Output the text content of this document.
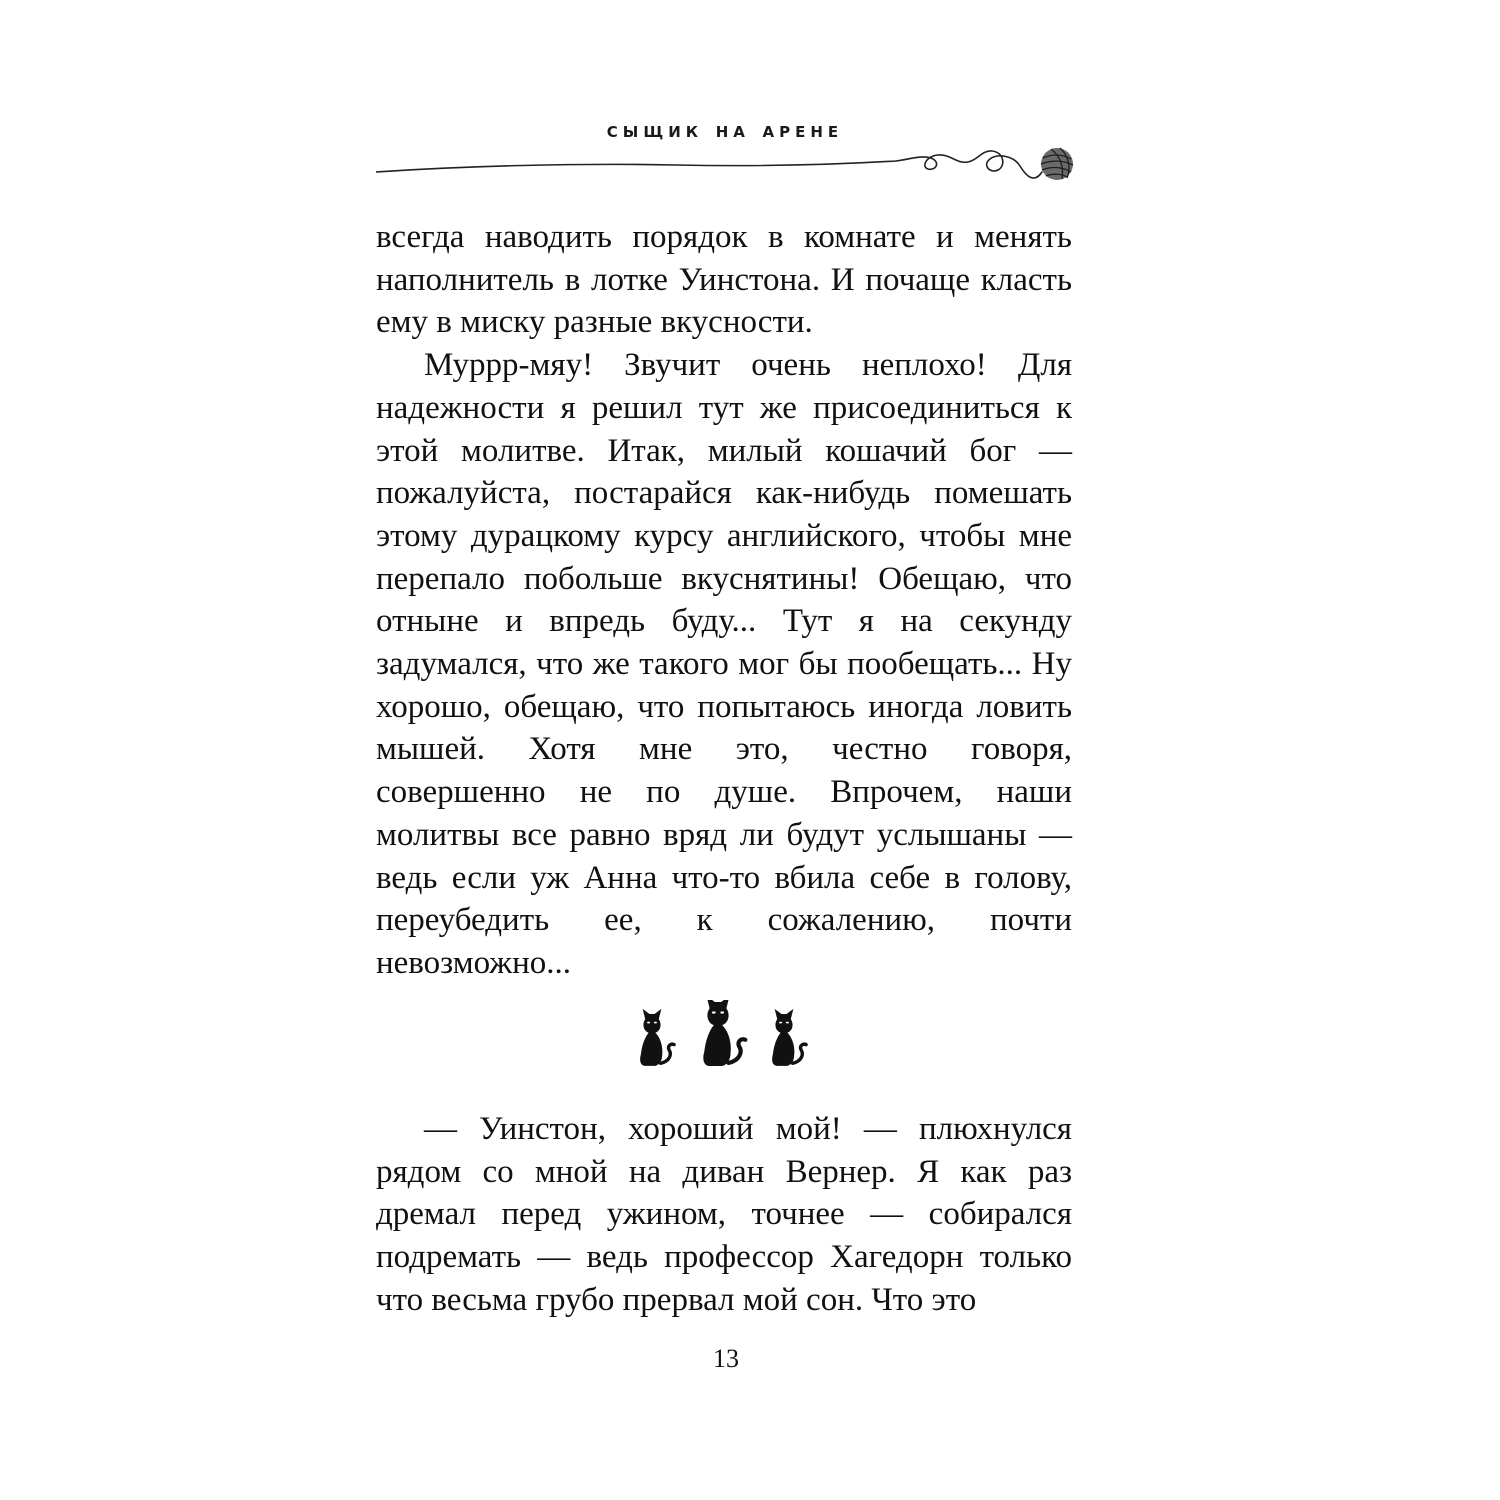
сыщик на арене

всегда наводить порядок в комнате и менять наполнитель в лотке Уинстона. И почаще класть ему в миску разные вкусности.

Муррр-мяу! Звучит очень неплохо! Для надежности я решил тут же присоединиться к этой молитве. Итак, милый кошачий бог — пожалуйста, постарайся как-нибудь помешать этому дурацкому курсу английского, чтобы мне перепало побольше вкуснятины! Обещаю, что отныне и впредь буду... Тут я на секунду задумался, что же такого мог бы пообещать... Ну хорошо, обещаю, что попытаюсь иногда ловить мышей. Хотя мне это, честно говоря, совершенно не по душе. Впрочем, наши молитвы все равно вряд ли будут услышаны — ведь если уж Анна что-то вбила себе в голову, переубедить ее, к сожалению, почти невозможно...

— Уинстон, хороший мой! — плюхнулся рядом со мной на диван Вернер. Я как раз дремал перед ужином, точнее — собирался подремать — ведь профессор Хагедорн только что весьма грубо прервал мой сон. Что это

13
